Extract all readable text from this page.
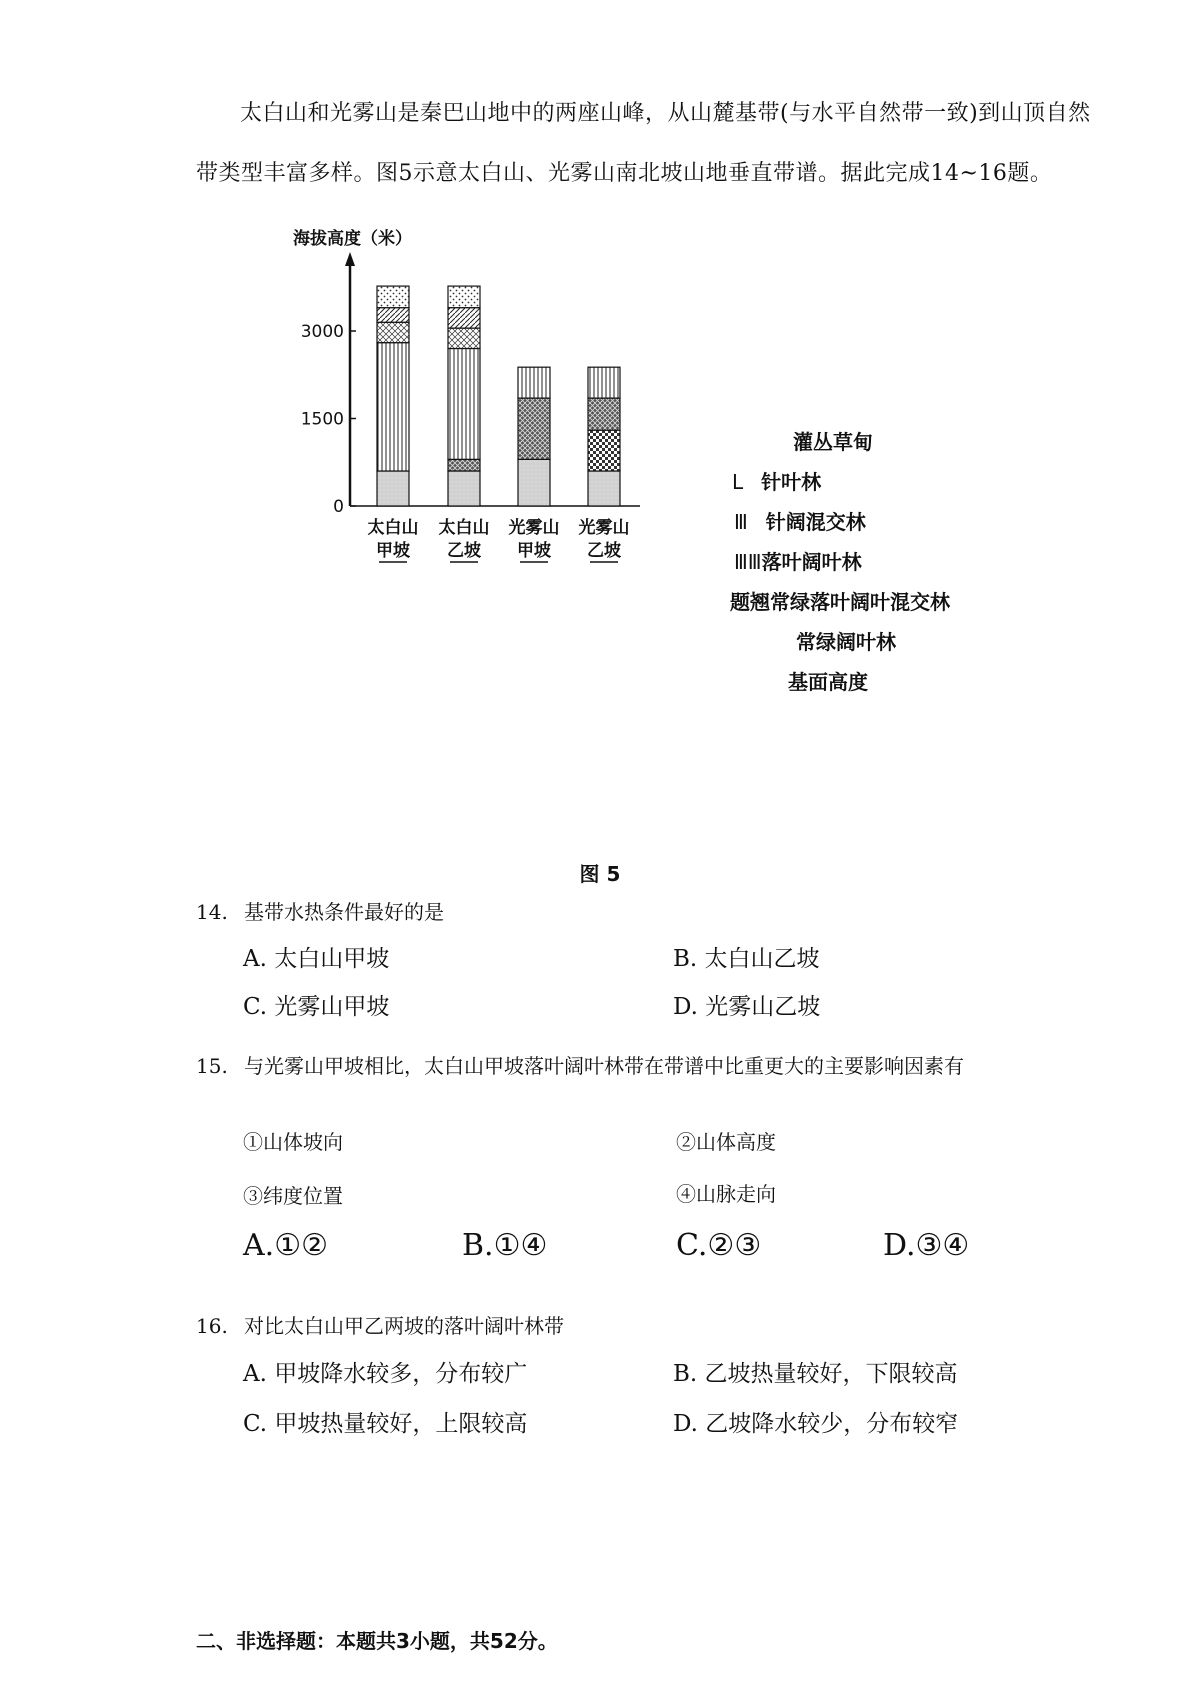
太白山和光雾山是秦巴山地中的两座山峰，从山麓基带(与水平自然带一致)到山顶自然带类型丰富多样。图5示意太白山、光雾山南北坡山地垂直带谱。据此完成14~16题。

海拔高度（米）
0
1500
3000
太白山
甲坡
太白山
乙坡
光雾山
甲坡
光雾山
乙坡
灌丛草甸
L 针叶林
Ⅲ 针阔混交林
ⅢⅢ落叶阔叶林
题翘常绿落叶阔叶混交林
常绿阔叶林
基面高度
图 5
14. 基带水热条件最好的是
A. 太白山甲坡	B. 太白山乙坡
C. 光雾山甲坡	D. 光雾山乙坡
15. 与光雾山甲坡相比，太白山甲坡落叶阔叶林带在带谱中比重更大的主要影响因素有
①山体坡向	②山体高度
③纬度位置	④山脉走向
A.①②	B.①④	C.②③	D.③④
16. 对比太白山甲乙两坡的落叶阔叶林带
A. 甲坡降水较多，分布较广	B. 乙坡热量较好，下限较高
C. 甲坡热量较好，上限较高	D. 乙坡降水较少，分布较窄
二、非选择题：本题共3小题，共52分。
